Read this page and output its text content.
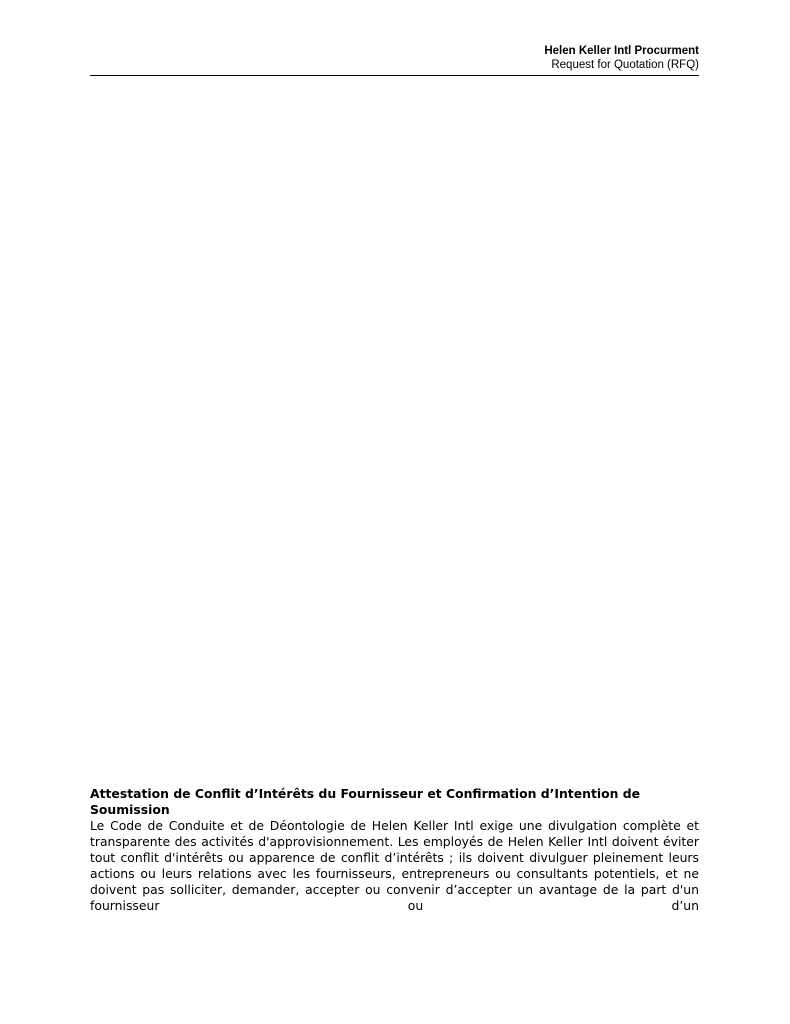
Helen Keller Intl Procurment
Request for Quotation (RFQ)
Attestation de Conflit d’Intérêts du Fournisseur et Confirmation d’Intention de Soumission

Le Code de Conduite et de Déontologie de Helen Keller Intl exige une divulgation complète et transparente des activités d'approvisionnement. Les employés de Helen Keller Intl doivent éviter tout conflit d'intérêts ou apparence de conflit d’intérêts ; ils doivent divulguer pleinement leurs actions ou leurs relations avec les fournisseurs, entrepreneurs ou consultants potentiels, et ne doivent pas solliciter, demander, accepter ou convenir d’accepter un avantage de la part d'un fournisseur ou d’un
